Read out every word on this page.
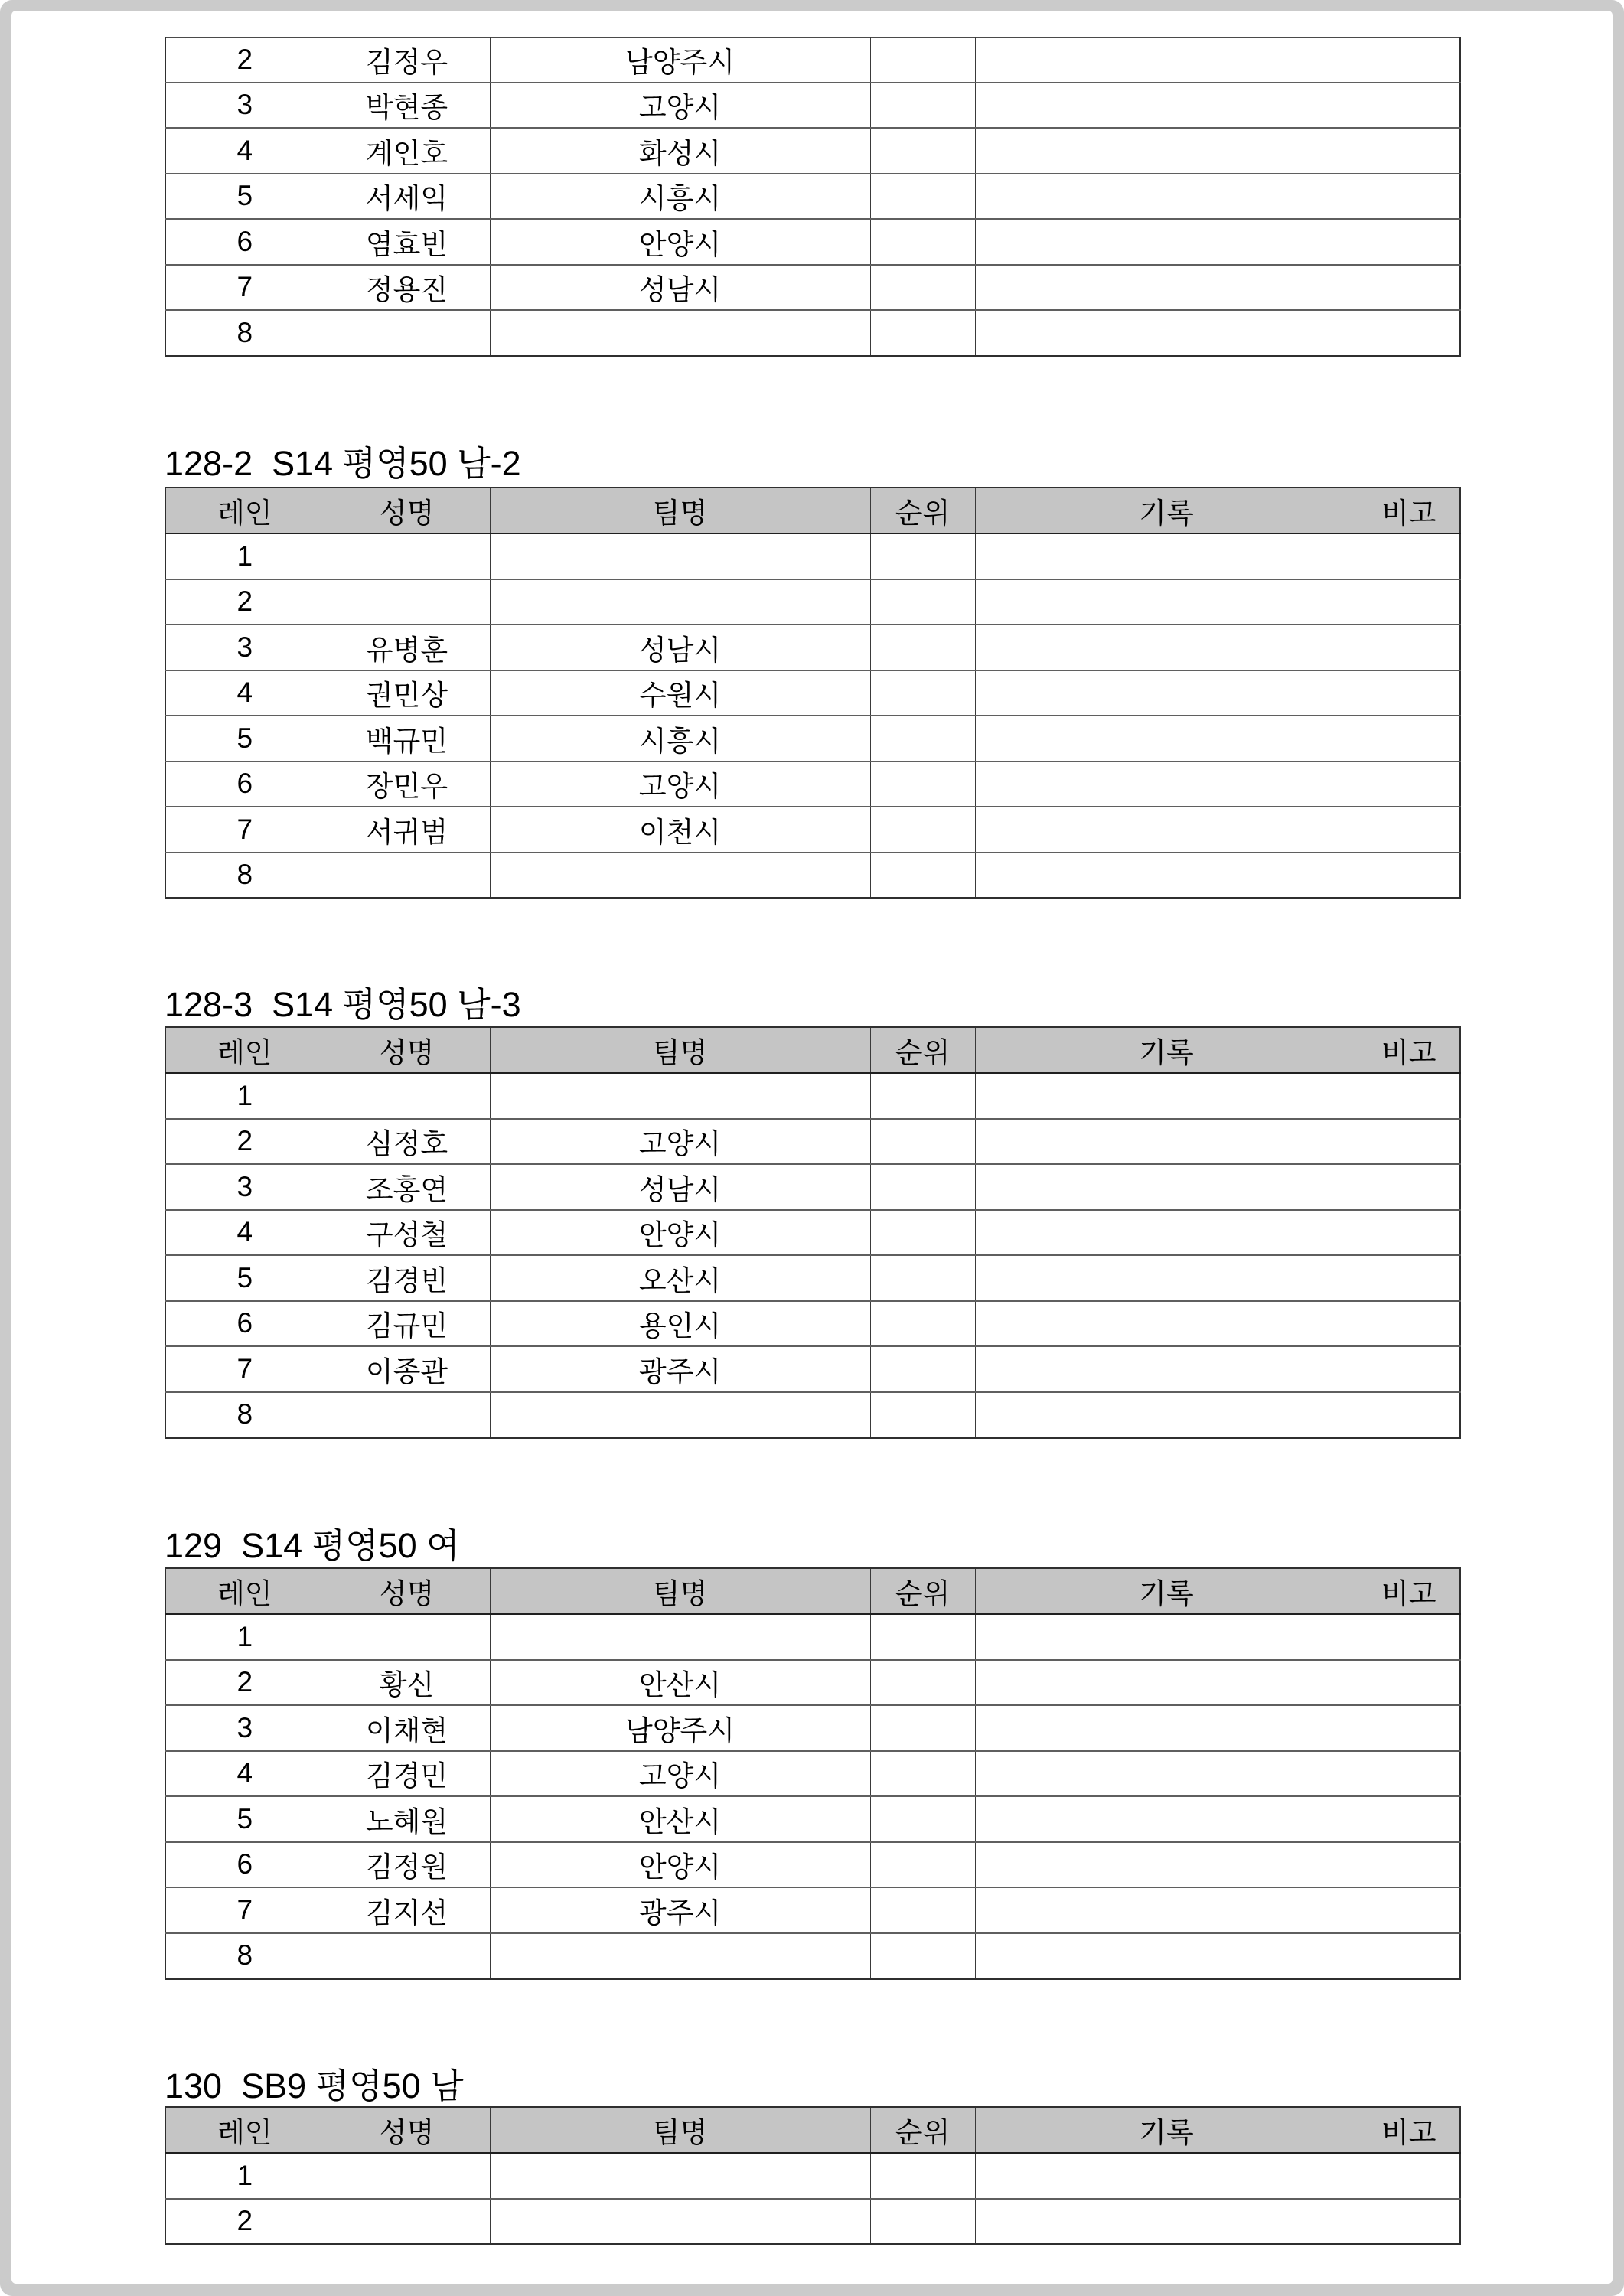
2	김정우	남양주시			
3	박현종	고양시			
4	계인호	화성시			
5	서세익	시흥시			
6	염효빈	안양시			
7	정용진	성남시			
8					
128-2  S14 평영50 남-2
레인	성명	팀명	순위	기록	비고
1					
2					
3	유병훈	성남시			
4	권민상	수원시			
5	백규민	시흥시			
6	장민우	고양시			
7	서귀범	이천시			
8					
128-3  S14 평영50 남-3
레인	성명	팀명	순위	기록	비고
1					
2	심정호	고양시			
3	조홍연	성남시			
4	구성철	안양시			
5	김경빈	오산시			
6	김규민	용인시			
7	이종관	광주시			
8					
129  S14 평영50 여
레인	성명	팀명	순위	기록	비고
1					
2	황신	안산시			
3	이채현	남양주시			
4	김경민	고양시			
5	노혜원	안산시			
6	김정원	안양시			
7	김지선	광주시			
8					
130  SB9 평영50 남
레인	성명	팀명	순위	기록	비고
1					
2					
